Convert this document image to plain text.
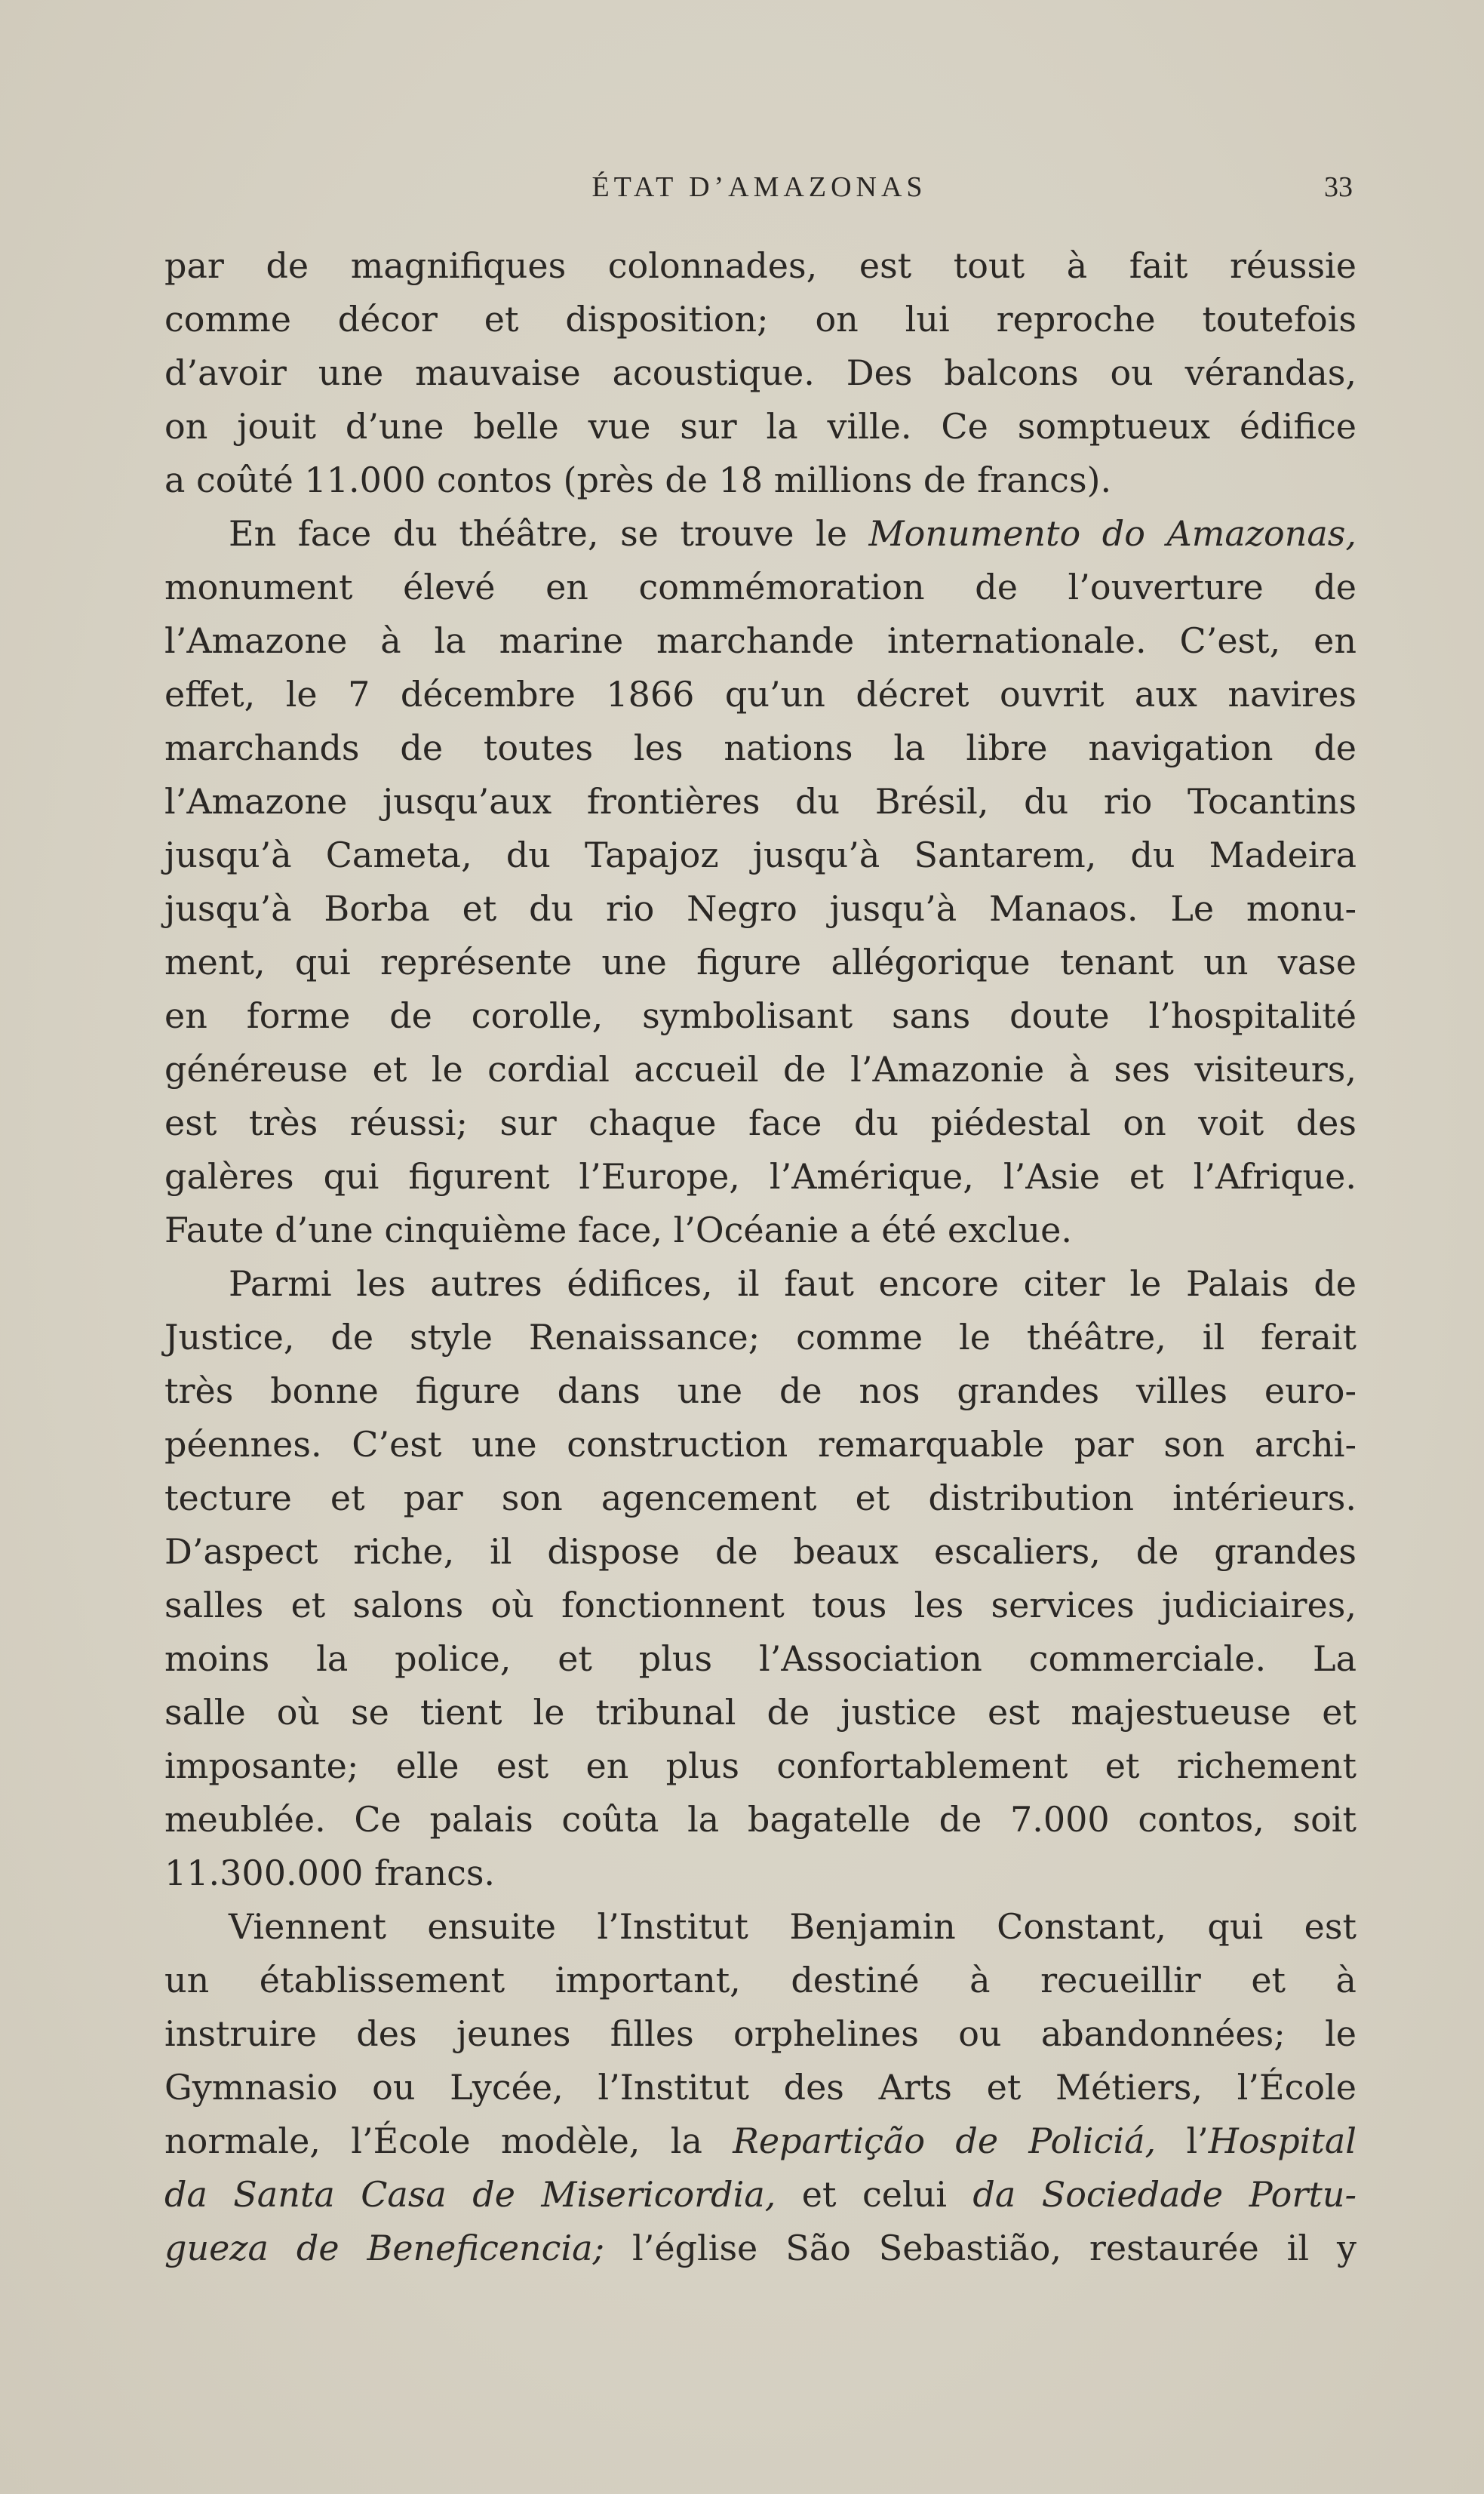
ÉTAT D’AMAZONAS	33
par de magnifiques colonnades, est tout à fait réussie
comme décor et disposition; on lui reproche toutefois
d’avoir une mauvaise acoustique. Des balcons ou vérandas,
on jouit d’une belle vue sur la ville. Ce somptueux édifice
a coûté 11.000 contos (près de 18 millions de francs).
En face du théâtre, se trouve le Monumento do Amazonas,
monument élevé en commémoration de l’ouverture de
l’Amazone à la marine marchande internationale. C’est, en
effet, le 7 décembre 1866 qu’un décret ouvrit aux navires
marchands de toutes les nations la libre navigation de
l’Amazone jusqu’aux frontières du Brésil, du rio Tocantins
jusqu’à Cameta, du Tapajoz jusqu’à Santarem, du Madeira
jusqu’à Borba et du rio Negro jusqu’à Manaos. Le monu-
ment, qui représente une figure allégorique tenant un vase
en forme de corolle, symbolisant sans doute l’hospitalité
généreuse et le cordial accueil de l’Amazonie à ses visiteurs,
est très réussi; sur chaque face du piédestal on voit des
galères qui figurent l’Europe, l’Amérique, l’Asie et l’Afrique.
Faute d’une cinquième face, l’Océanie a été exclue.
Parmi les autres édifices, il faut encore citer le Palais de
Justice, de style Renaissance; comme le théâtre, il ferait
très bonne figure dans une de nos grandes villes euro-
péennes. C’est une construction remarquable par son archi-
tecture et par son agencement et distribution intérieurs.
D’aspect riche, il dispose de beaux escaliers, de grandes
salles et salons où fonctionnent tous les services judiciaires,
moins la police, et plus l’Association commerciale. La
salle où se tient le tribunal de justice est majestueuse et
imposante; elle est en plus confortablement et richement
meublée. Ce palais coûta la bagatelle de 7.000 contos, soit
11.300.000 francs.
Viennent ensuite l’Institut Benjamin Constant, qui est
un établissement important, destiné à recueillir et à
instruire des jeunes filles orphelines ou abandonnées; le
Gymnasio ou Lycée, l’Institut des Arts et Métiers, l’École
normale, l’École modèle, la Repartição de Policiá, l’Hospital
da Santa Casa de Misericordia, et celui da Sociedade Portu-
gueza de Beneficencia; l’église São Sebastião, restaurée il y
